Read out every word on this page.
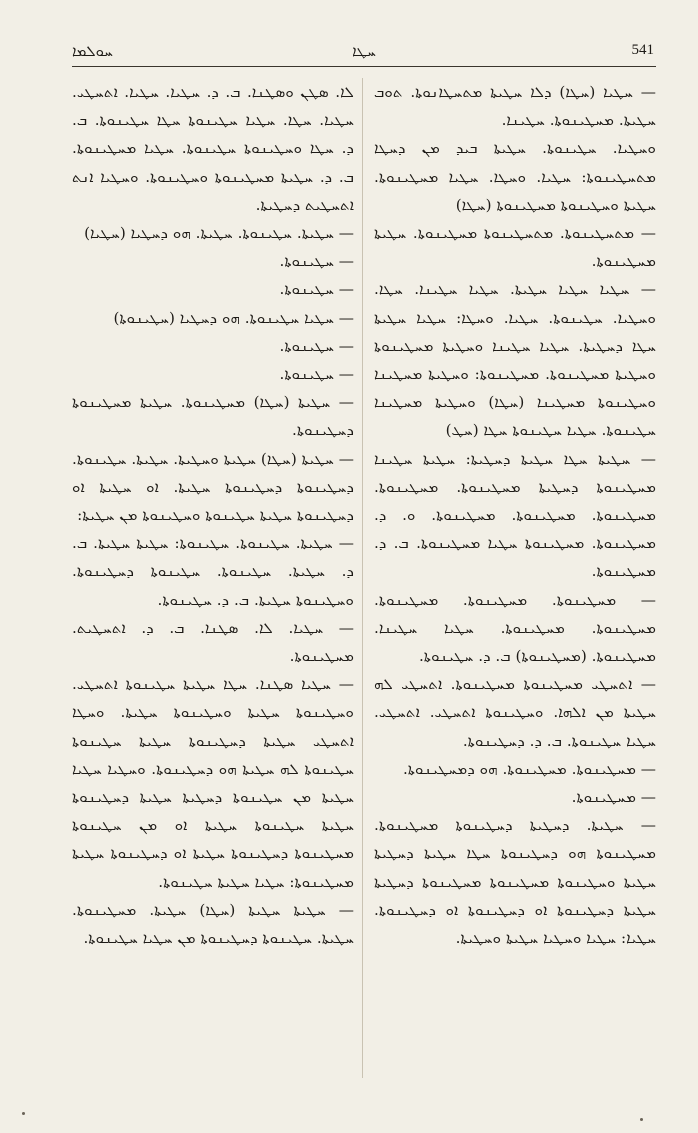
ܚܘܠܡܐ	ܚܛܐ	541

— ܚܛܝܐ (ܚܛܐ) ܕܠܐ ܚܛܝܬܐ ܡܬܚܛܐܢܘܬܐ. ܬܘܒ ܚܛܝܬܐ. ܡܚܛܝܢܘܬܐ. ܚܛܝܢܐ.

ܘܚܛܝܐ. ܚܛܝܢܘܬܐ. ܚܛܝܬܐ ܒܝܕ ܡܢ ܕܚܛܐ ܡܬܚܛܝܢܘܬܐ: ܚܛܝܐ. ܘܚܛܐ. ܚܛܝܐ ܡܚܛܝܢܘܬܐ. ܚܛܝܬܐ ܘܚܛܝܢܘܬܐ ܡܚܛܝܢܘܬܐ (ܚܛܐ)

— ܡܬܚܛܝܢܘܬܐ. ܡܬܚܛܝܢܘܬܐ ܡܚܛܝܢܘܬܐ. ܚܛܝܬܐ ܡܚܛܝܢܘܬܐ.

— ܚܛܝܐ ܚܛܝܐ ܚܛܝܬܐ. ܚܛܝܐ ܚܛܝܢܐ. ܚܛܐ. ܘܚܛܝܐ. ܚܛܝܢܘܬܐ. ܚܛܝܐ. ܘܚܛܐ: ܚܛܝܐ ܚܛܝܬܐ ܚܛܐ ܕܚܛܝܬܐ. ܚܛܝܐ ܚܛܝܢܐ ܘܚܛܝܬܐ ܡܚܛܝܢܘܬܐ ܘܚܛܝܬܐ ܡܚܛܝܢܘܬܐ. ܡܚܛܝܢܘܬܐ: ܘܚܛܝܬܐ ܡܚܛܝܢܐ ܘܚܛܝܢܘܬܐ ܡܚܛܝܢܐ (ܚܛܐ) ܘܚܛܝܬܐ ܡܚܛܝܢܐ ܚܛܝܢܘܬܐ. ܚܛܝܐ ܚܛܝܢܘܬܐ ܚܛܐ (ܚܛ)

— ܚܛܝܬܐ ܚܛܐ ܚܛܝܬܐ ܕܚܛܝܬܐ: ܚܛܝܬܐ ܚܛܝܢܐ ܡܚܛܝܢܘܬܐ ܕܚܛܝܬܐ ܡܚܛܝܢܘܬܐ. ܡܚܛܝܢܘܬܐ. ܡܚܛܝܢܘܬܐ. ܡܚܛܝܢܘܬܐ. ܡܚܛܝܢܘܬܐ. ܘ. ܕ. ܡܚܛܝܢܘܬܐ. ܡܚܛܝܢܘܬܐ ܚܛܝܐ ܡܚܛܝܢܘܬܐ. ܒ. ܕ. ܡܚܛܝܢܘܬܐ.

— ܡܚܛܝܢܘܬܐ. ܡܚܛܝܢܘܬܐ. ܡܚܛܝܢܘܬܐ. ܡܚܛܝܢܘܬܐ. ܡܚܛܝܢܘܬܐ. ܚܛܝܐ ܚܛܝܢܐ. ܡܚܛܝܢܘܬܐ. (ܡܚܛܝܢܘܬܐ) ܒ. ܕ. ܚܛܝܢܘܬܐ.

— ܐܬܚܛܝ ܡܚܛܝܢܘܬܐ ܡܚܛܝܢܘܬܐ. ܐܬܚܛܝ ܠܗ ܚܛܝܬܐ ܡܢ ܐܠܗܐ. ܘܚܛܝܢܘܬܐ ܐܬܚܛܝ. ܐܬܚܛܝ. ܚܛܝܐ ܚܛܝܢܘܬܐ. ܒ. ܕ. ܕܚܛܝܢܘܬܐ.

— ܡܚܛܝܢܘܬܐ. ܡܚܛܝܢܘܬܐ. ܗܘ ܕܡܚܛܝܢܘܬܐ.

— ܡܚܛܝܢܘܬܐ.

— ܚܛܝܬܐ. ܕܚܛܝܬܐ ܕܚܛܝܢܘܬܐ ܡܚܛܝܢܘܬܐ. ܡܚܛܝܢܘܬܐ ܗܘ ܕܚܛܝܢܘܬܐ ܚܛܐ ܚܛܝܬܐ ܕܚܛܝܬܐ ܚܛܝܬܐ ܘܚܛܝܢܘܬܐ ܡܚܛܝܢܘܬܐ ܡܚܛܝܢܘܬܐ ܕܚܛܝܬܐ ܚܛܝܬܐ ܕܚܛܝܢܘܬܐ ܐܘ ܕܚܛܝܢܘܬܐ ܐܘ ܕܚܛܝܢܘܬܐ. ܚܛܝܐ: ܚܛܝܐ ܘܚܛܝܐ ܚܛܝܬܐ ܘܚܛܝܬܐ.

ܠܐ. ܣܛܢ ܘܣܛܢܐ. ܒ. ܕ. ܚܛܝܐ. ܚܛܝܐ. ܐܬܚܛܝ. ܚܛܝܐ. ܚܛܐ. ܚܛܝܐ ܚܛܝܢܘܬܐ ܚܛܐ ܚܛܝܢܘܬܐ. ܒ. ܕ. ܚܛܐ ܘܚܛܝܢܘܬܐ ܚܛܝܢܘܬܐ. ܚܛܝܐ ܡܚܛܝܢܘܬܐ. ܒ. ܕ. ܚܛܝܬܐ ܡܚܛܝܢܘܬܐ ܘܚܛܝܢܘܬܐ. ܘܚܛܝܐ ܐܢܬ ܐܬܚܛܝܬ ܕܚܛܝܬܐ.

— ܚܛܝܬܐ. ܚܛܝܢܘܬܐ. ܚܛܝܬܐ. ܗܘ ܕܚܛܝܐ (ܚܛܝܐ)

— ܚܛܝܢܘܬܐ.

— ܚܛܝܢܘܬܐ.

— ܚܛܝܐ ܚܛܝܢܘܬܐ. ܗܘ ܕܚܛܝܐ (ܚܛܝܢܘܬܐ)

— ܚܛܝܢܘܬܐ.

— ܚܛܝܢܘܬܐ.

— ܚܛܝܬܐ (ܚܛܐ) ܡܚܛܝܢܘܬܐ. ܚܛܝܬܐ ܡܚܛܝܢܘܬܐ ܕܚܛܝܢܘܬܐ.

— ܚܛܝܬܐ (ܚܛܐ) ܚܛܝܬܐ ܘܚܛܝܬܐ. ܚܛܝܬܐ. ܚܛܝܢܘܬܐ. ܕܚܛܝܢܘܬܐ ܕܚܛܝܢܘܬܐ ܚܛܝܬܐ. ܐܘ ܚܛܝܬܐ ܐܘ ܕܚܛܝܢܘܬܐ ܚܛܝܬܐ ܚܛܝܢܘܬܐ ܘܚܛܝܢܘܬܐ ܡܢ ܚܛܝܬܐ:

— ܚܛܝܬܐ. ܚܛܝܢܘܬܐ. ܚܛܝܢܘܬܐ: ܚܛܝܬܐ ܚܛܝܬܐ. ܒ. ܕ. ܚܛܝܬܐ. ܚܛܝܢܘܬܐ. ܚܛܝܢܘܬܐ ܕܚܛܝܢܘܬܐ. ܘܚܛܝܢܘܬܐ ܚܛܝܬܐ. ܒ. ܕ. ܚܛܝܢܘܬܐ.

— ܚܛܝܐ. ܠܐ. ܣܛܢܐ. ܒ. ܕ. ܐܬܚܛܝܬ. ܡܚܛܝܢܘܬܐ.

— ܚܛܝܐ ܣܛܢܐ. ܚܛܐ ܚܛܝܬܐ ܚܛܝܢܘܬܐ ܐܬܚܛܝ. ܘܚܛܝܢܘܬܐ ܚܛܝܬܐ ܘܚܛܝܢܘܬܐ ܚܛܝܬܐ. ܘܚܛܐ ܐܬܚܛܝ ܚܛܝܬܐ ܕܚܛܝܢܘܬܐ ܚܛܝܬܐ ܚܛܝܢܘܬܐ ܚܛܝܢܘܬܐ ܠܗ ܚܛܝܬܐ ܗܘ ܕܚܛܝܢܘܬܐ. ܘܚܛܝܐ ܚܛܝܐ ܚܛܝܬܐ ܡܢ ܚܛܝܢܘܬܐ ܕܚܛܝܬܐ ܚܛܝܬܐ ܕܚܛܝܢܘܬܐ ܚܛܝܬܐ ܚܛܝܢܘܬܐ ܚܛܝܬܐ ܐܘ ܡܢ ܚܛܝܢܘܬܐ ܡܚܛܝܢܘܬܐ ܕܚܛܝܢܘܬܐ ܚܛܝܬܐ ܐܘ ܕܚܛܝܢܘܬܐ ܚܛܝܬܐ ܡܚܛܝܢܘܬܐ: ܚܛܝܐ ܚܛܝܬܐ ܚܛܝܢܘܬܐ.

— ܚܛܝܬܐ ܚܛܝܬܐ (ܚܛܐ) ܚܛܝܬܐ. ܡܚܛܝܢܘܬܐ. ܚܛܝܬܐ. ܚܛܝܢܘܬܐ ܕܚܛܝܢܘܬܐ ܡܢ ܚܛܝܐ ܚܛܝܢܘܬܐ.
